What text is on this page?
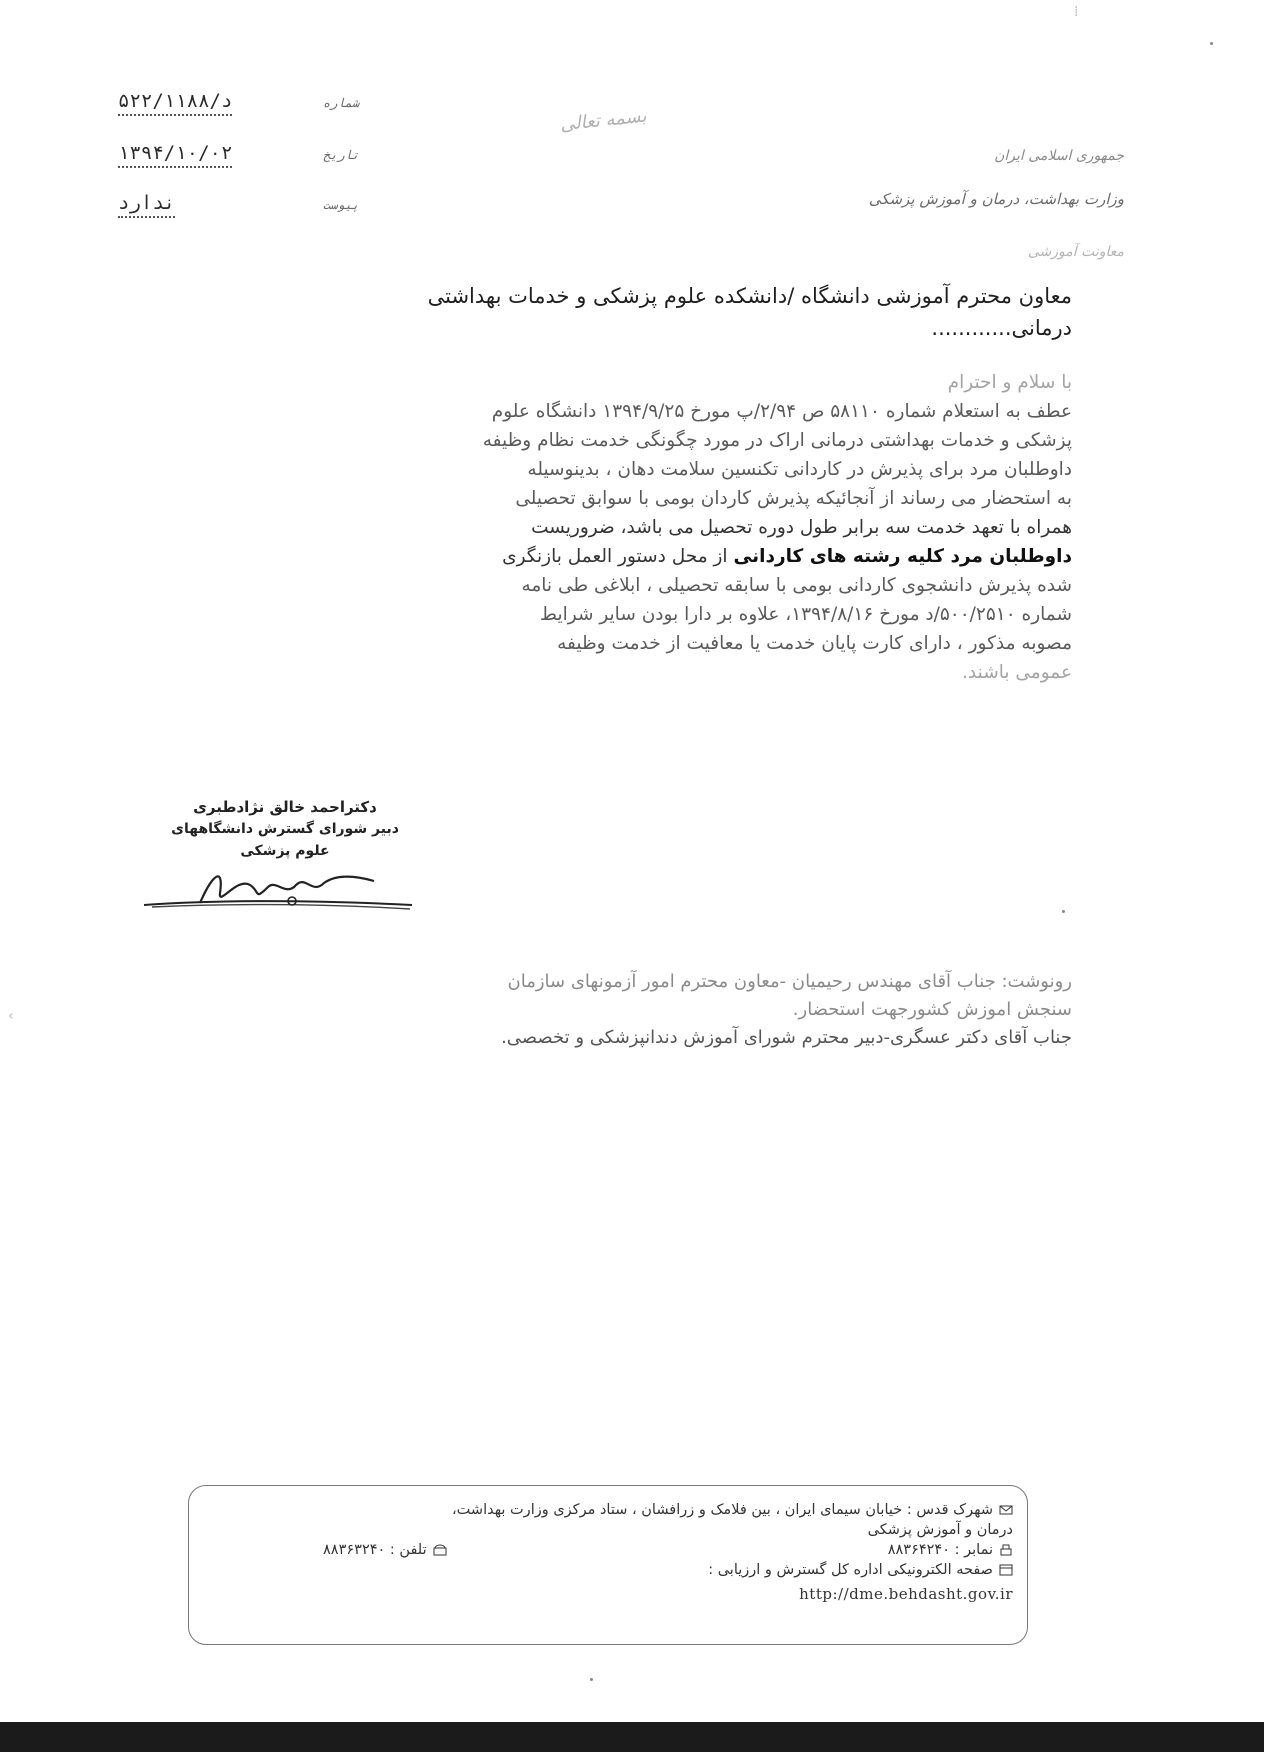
د/۵۲۲/۱۱۸۸	شماره
۱۳۹۴/۱۰/۰۲	تاریخ
ندارد	پیوست
بسمه تعالی
جمهوری اسلامی ایران
وزارت بهداشت، درمان و آموزش پزشکی
معاونت آموزشی
معاون محترم آموزشی دانشگاه /دانشکده علوم پزشکی و خدمات بهداشتی
درمانی............
با سلام و احترام
عطف به استعلام شماره ۵۸۱۱۰ ص ۲/۹۴/پ مورخ ۱۳۹۴/۹/۲۵ دانشگاه علوم
پزشکی و خدمات بهداشتی درمانی اراک در مورد چگونگی خدمت نظام وظیفه
داوطلبان مرد برای پذیرش در کاردانی تکنسین سلامت دهان ، بدینوسیله
به استحضار می رساند از آنجائیکه پذیرش کاردان بومی با سوابق تحصیلی
همراه با تعهد خدمت سه برابر طول دوره تحصیل می باشد، ضروریست
داوطلبان مرد کلیه رشته های کاردانی از محل دستور العمل بازنگری
شده پذیرش دانشجوی کاردانی بومی با سابقه تحصیلی ، ابلاغی طی نامه
شماره ۵۰۰/۲۵۱۰/د مورخ ۱۳۹۴/۸/۱۶، علاوه بر دارا بودن سایر شرایط
مصوبه مذکور ، دارای کارت پایان خدمت یا معافیت از خدمت وظیفه
عمومی باشند.
دکتراحمد خالق نژادطبری
دبیر شورای گسترش دانشگاههای
علوم پزشکی
رونوشت: جناب آقای مهندس رحیمیان -معاون محترم امور آزمونهای سازمان
سنجش اموزش کشورجهت استحضار.
جناب آقای دکتر عسگری-دبیر محترم شورای آموزش دندانپزشکی و تخصصی.
شهرک قدس : خیابان سیمای ایران ، بین فلامک و زرافشان ، ستاد مرکزی وزارت بهداشت،
درمان و آموزش پزشکی
تلفن : ۸۸۳۶۳۲۴۰	نمابر : ۸۸۳۶۴۲۴۰
صفحه الکترونیکی اداره کل گسترش و ارزیابی :
http://dme.behdasht.gov.ir
⁞
‹
